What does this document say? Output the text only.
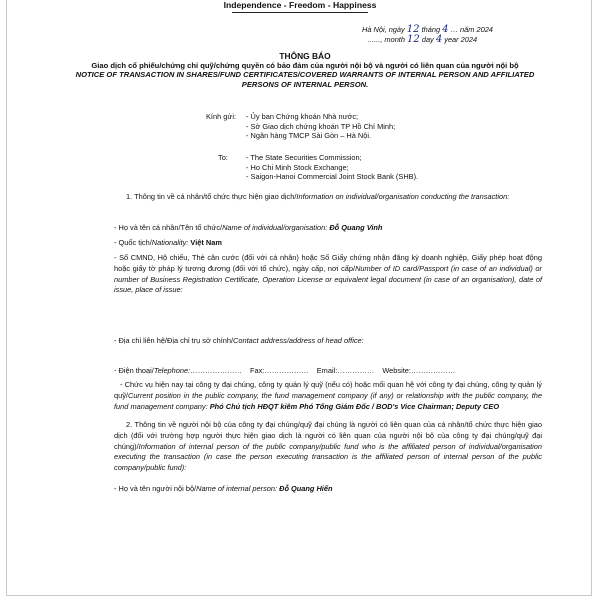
Independence - Freedom - Happiness
Hà Nội, ngày 12 tháng 4 … năm 2024
......, month 12 day 4 year 2024
THÔNG BÁO
Giao dịch cổ phiếu/chứng chỉ quỹ/chứng quyền có bảo đảm của người nội bộ và người có liên quan của người nội bộ
NOTICE OF TRANSACTION IN SHARES/FUND CERTIFICATES/COVERED WARRANTS OF INTERNAL PERSON AND AFFILIATED PERSONS OF INTERNAL PERSON.
Kính gửi: - Ủy ban Chứng khoán Nhà nước;
- Sở Giao dịch chứng khoán TP Hồ Chí Minh;
- Ngân hàng TMCP Sài Gòn – Hà Nội.
To: - The State Securities Commission;
- Ho Chi Minh Stock Exchange;
- Saigon-Hanoi Commercial Joint Stock Bank (SHB).
1. Thông tin về cá nhân/tổ chức thực hiện giao dịch/Information on individual/organisation conducting the transaction:
- Họ và tên cá nhân/Tên tổ chức/Name of individual/organisation: Đỗ Quang Vinh
- Quốc tịch/Nationality: Việt Nam
- Số CMND, Hộ chiếu, Thẻ căn cước (đối với cá nhân) hoặc Số Giấy chứng nhận đăng ký doanh nghiệp, Giấy phép hoạt động hoặc giấy tờ pháp lý tương đương (đối với tổ chức), ngày cấp, nơi cấp/Number of ID card/Passport (in case of an individual) or number of Business Registration Certificate, Operation License or equivalent legal document (in case of an organisation), date of issue, place of issue:
- Địa chỉ liên hệ/Địa chỉ trụ sở chính/Contact address/address of head office:
- Điện thoại/Telephone:………………… Fax:……………… Email:…………… Website:………………
- Chức vụ hiện nay tại công ty đại chúng, công ty quản lý quỹ (nếu có) hoặc mối quan hệ với công ty đại chúng, công ty quản lý quỹ/Current position in the public company, the fund management company (if any) or relationship with the public company, the fund management company: Phó Chủ tịch HĐQT kiêm Phó Tổng Giám Đốc / BOD's Vice Chairman; Deputy CEO
2. Thông tin về người nội bộ của công ty đại chúng/quỹ đại chúng là người có liên quan của cá nhân/tổ chức thực hiện giao dịch (đối với trường hợp người thực hiện giao dịch là người có liên quan của người nội bộ của công ty đại chúng/quỹ đại chúng)/Information of internal person of the public company/public fund who is the affiliated person of individual/organisation executing the transaction (in case the person executing transaction is the affiliated person of internal person of the public company/public fund):
- Họ và tên người nội bộ/Name of internal person: Đỗ Quang Hiển
